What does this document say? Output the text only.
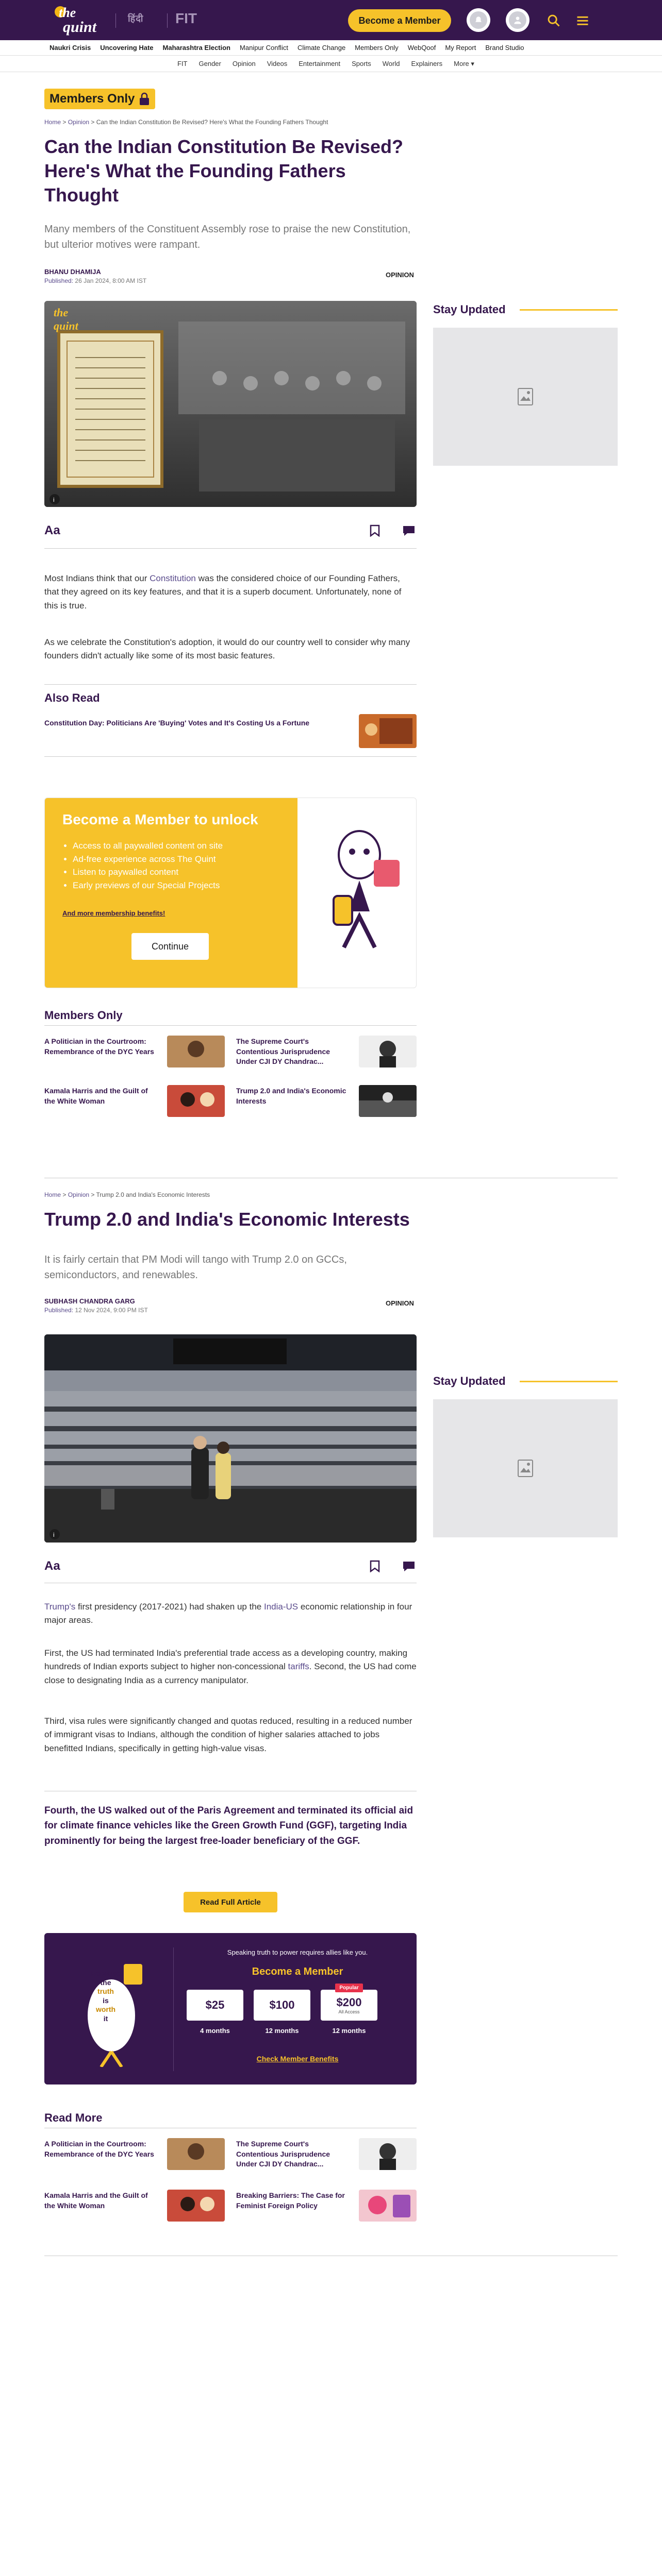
the
quint	हिंदी FIT	Become a Member
Naukri Crisis Uncovering Hate Maharashtra Election Manipur Conflict Climate Change Members Only WebQoof My Report Brand Studio
FIT Gender Opinion Videos Entertainment Sports World Explainers More ▾
Home > Opinion > Can the Indian Constitution Be Revised? Here's What the Founding Fathers Thought
Members Only
Can the Indian Constitution Be Revised? Here's What the Founding Fathers Thought

Many members of the Constituent Assembly rose to praise the new Constitution, but ulterior motives were rampant.

BHANU DHAMIJA
Published: 26 Jan 2024, 8:00 AM IST
OPINION
i
the
quint
Aa

Most Indians think that our Constitution was the considered choice of our Founding Fathers, that they agreed on its key features, and that it is a superb document. Unfortunately, none of this is true.

As we celebrate the Constitution's adoption, it would do our country well to consider why many founders didn't actually like some of its most basic features.

Also Read
Constitution Day: Politicians Are 'Buying' Votes and It's Costing Us a Fortune
Become a Member to unlock
• Access to all paywalled content on site
• Ad-free experience across The Quint
• Listen to paywalled content
• Early previews of our Special Projects
And more membership benefits!
Continue
Members Only
A Politician in the Courtroom: Remembrance of the DYC Years
The Supreme Court's Contentious Jurisprudence Under CJI DY Chandrac...
Kamala Harris and the Guilt of the White Woman
Trump 2.0 and India's Economic Interests
Stay Updated
Home > Opinion > Trump 2.0 and India's Economic Interests
Trump 2.0 and India's Economic Interests

It is fairly certain that PM Modi will tango with Trump 2.0 on GCCs, semiconductors, and renewables.

SUBHASH CHANDRA GARG
Published: 12 Nov 2024, 9:00 PM IST
OPINION
i
Aa

Trump's first presidency (2017-2021) had shaken up the India-US economic relationship in four major areas.

First, the US had terminated India's preferential trade access as a developing country, making hundreds of Indian exports subject to higher non-concessional tariffs. Second, the US had come close to designating India as a currency manipulator.

Third, visa rules were significantly changed and quotas reduced, resulting in a reduced number of immigrant visas to Indians, although the condition of higher salaries attached to jobs benefitted Indians, specifically in getting high-value visas.

Fourth, the US walked out of the Paris Agreement and terminated its official aid for climate finance vehicles like the Green Growth Fund (GGF), targeting India prominently for being the largest free-loader beneficiary of the GGF.

Read Full Article
Because
the
truth
is
worth
it
Speaking truth to power requires allies like you.
Become a Member
$25	$100
Popular
$200
All Access
4 months	12 months	12 months
Check Member Benefits
Read More
A Politician in the Courtroom: Remembrance of the DYC Years
The Supreme Court's Contentious Jurisprudence Under CJI DY Chandrac...
Kamala Harris and the Guilt of the White Woman
Breaking Barriers: The Case for Feminist Foreign Policy
Stay Updated
